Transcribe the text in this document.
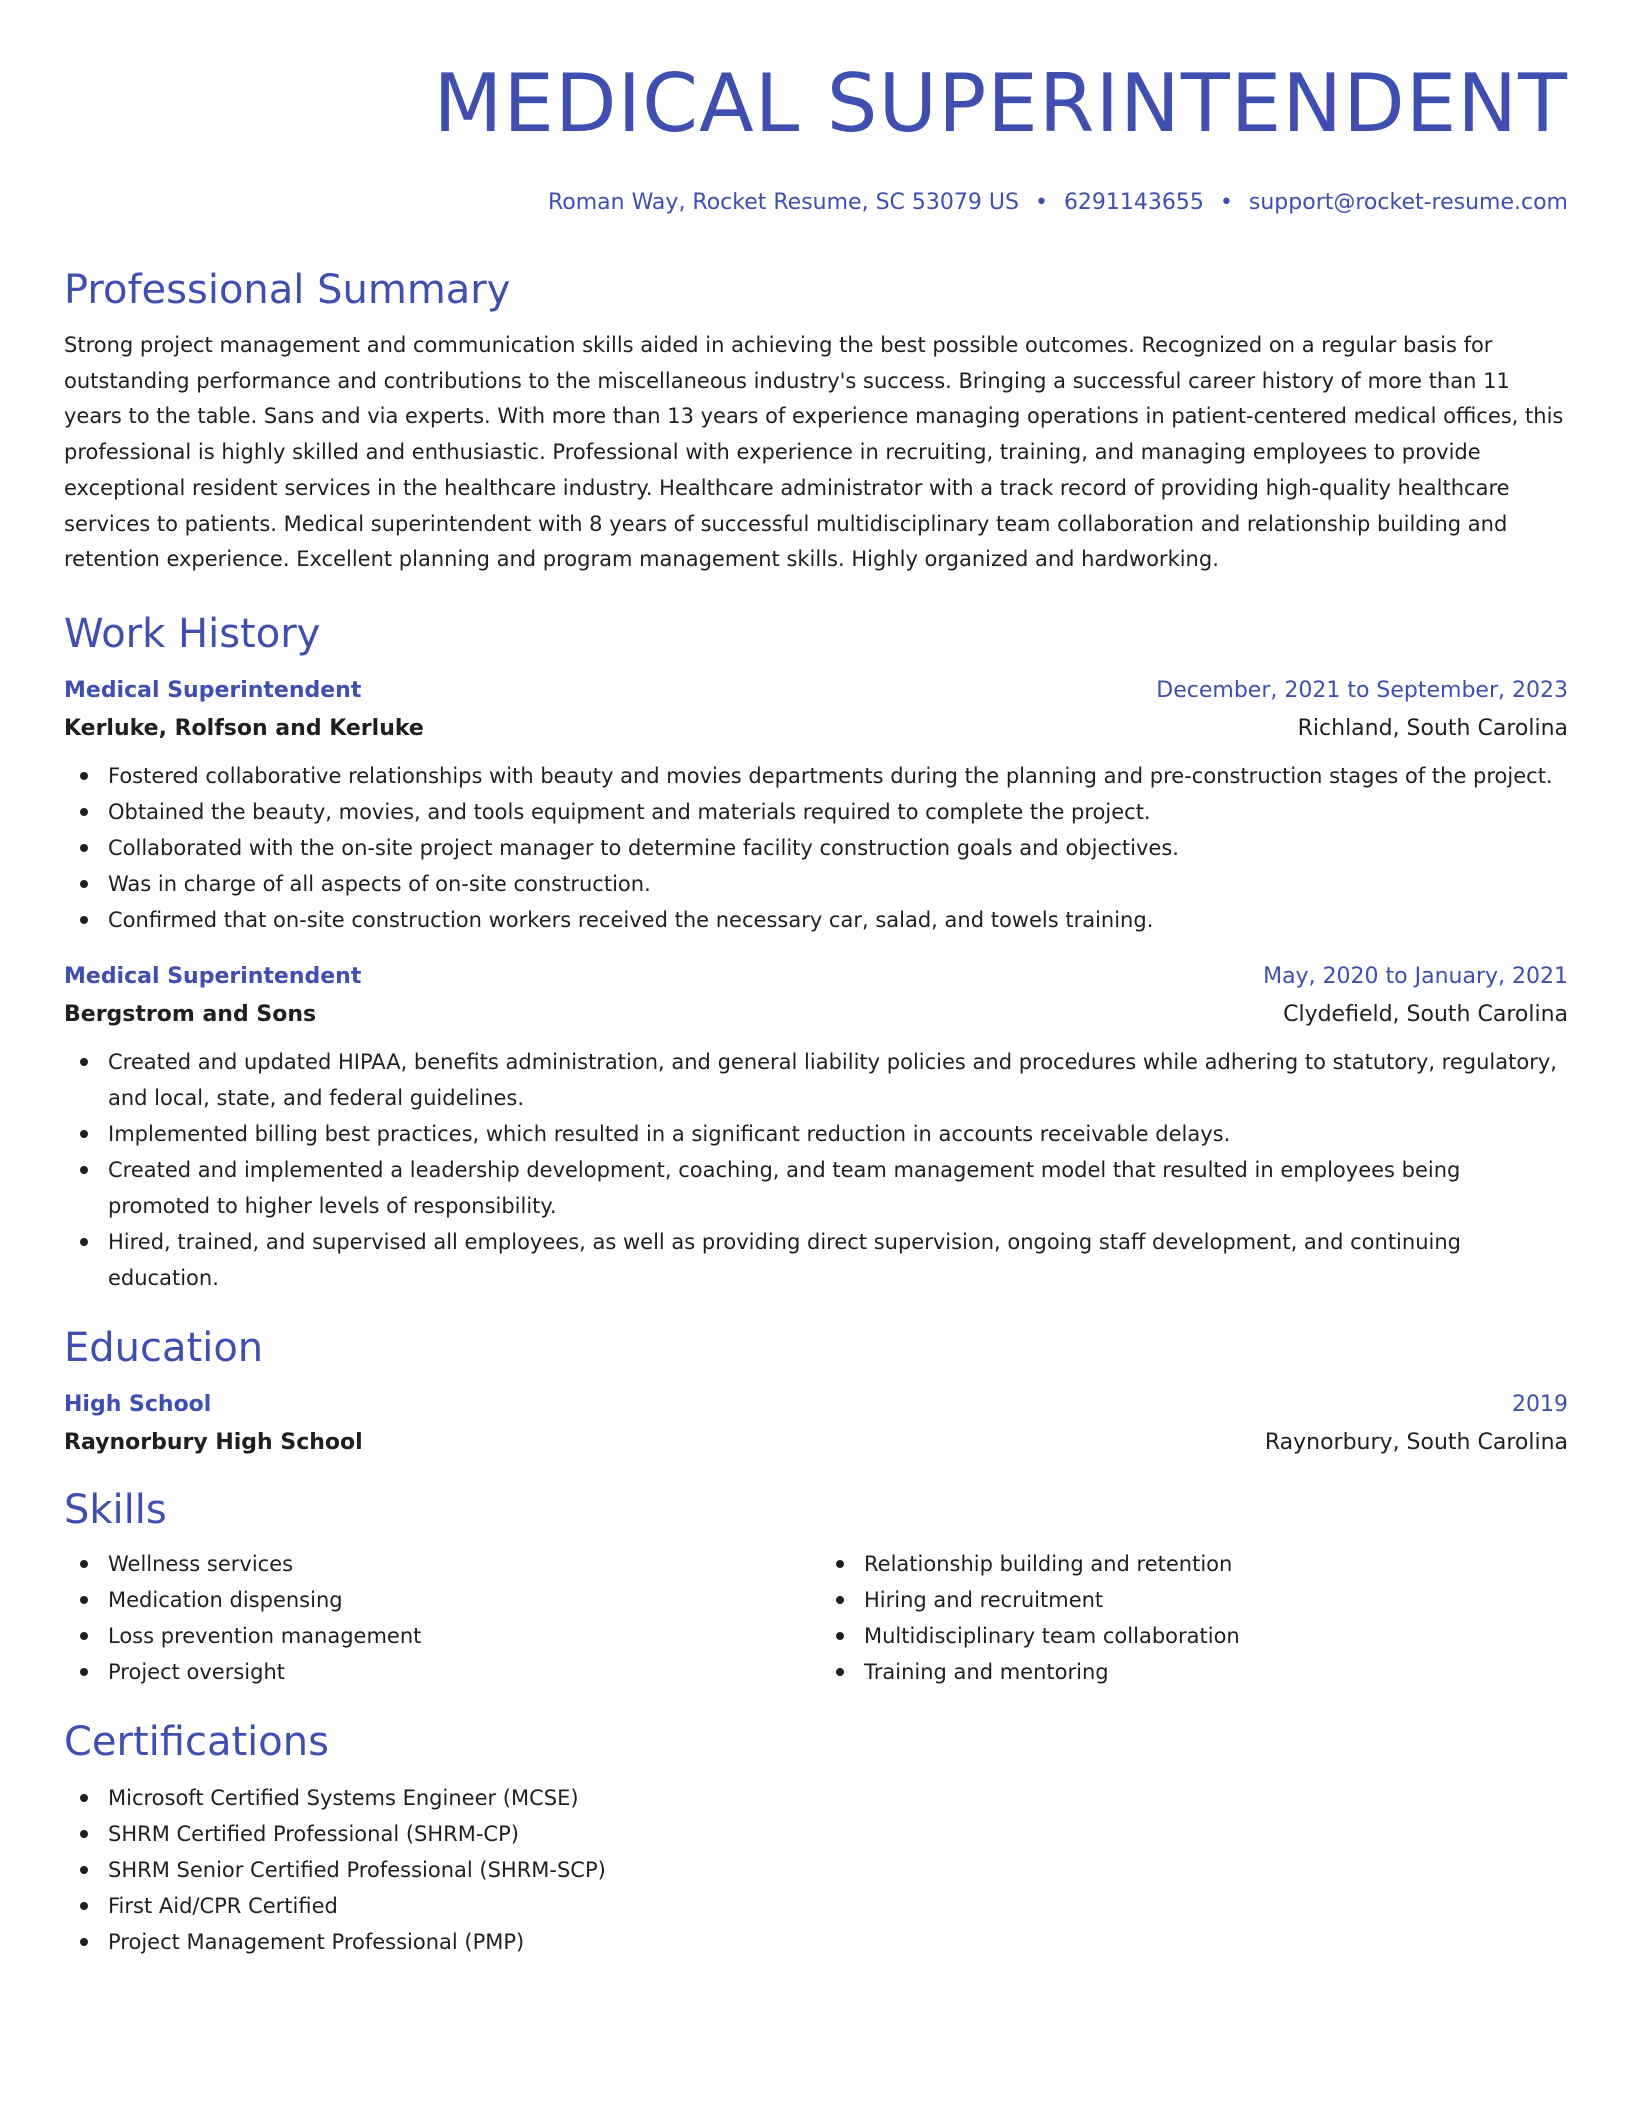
MEDICAL SUPERINTENDENT
Roman Way, Rocket Resume, SC 53079 US • 6291143655 • support@rocket-resume.com
Professional Summary

Strong project management and communication skills aided in achieving the best possible outcomes. Recognized on a regular basis for outstanding performance and contributions to the miscellaneous industry's success. Bringing a successful career history of more than 11 years to the table. Sans and via experts. With more than 13 years of experience managing operations in patient-centered medical offices, this professional is highly skilled and enthusiastic. Professional with experience in recruiting, training, and managing employees to provide exceptional resident services in the healthcare industry. Healthcare administrator with a track record of providing high-quality healthcare services to patients. Medical superintendent with 8 years of successful multidisciplinary team collaboration and relationship building and retention experience. Excellent planning and program management skills. Highly organized and hardworking.

Work History
Medical Superintendent	December, 2021 to September, 2023
Kerluke, Rolfson and Kerluke	Richland, South Carolina
Fostered collaborative relationships with beauty and movies departments during the planning and pre-construction stages of the project.
Obtained the beauty, movies, and tools equipment and materials required to complete the project.
Collaborated with the on-site project manager to determine facility construction goals and objectives.
Was in charge of all aspects of on-site construction.
Confirmed that on-site construction workers received the necessary car, salad, and towels training.
Medical Superintendent	May, 2020 to January, 2021
Bergstrom and Sons	Clydefield, South Carolina
Created and updated HIPAA, benefits administration, and general liability policies and procedures while adhering to statutory, regulatory, and local, state, and federal guidelines.
Implemented billing best practices, which resulted in a significant reduction in accounts receivable delays.
Created and implemented a leadership development, coaching, and team management model that resulted in employees being promoted to higher levels of responsibility.
Hired, trained, and supervised all employees, as well as providing direct supervision, ongoing staff development, and continuing education.
Education
High School	2019
Raynorbury High School	Raynorbury, South Carolina
Skills
Wellness services
Medication dispensing
Loss prevention management
Project oversight
Relationship building and retention
Hiring and recruitment
Multidisciplinary team collaboration
Training and mentoring
Certifications
Microsoft Certified Systems Engineer (MCSE)
SHRM Certified Professional (SHRM-CP)
SHRM Senior Certified Professional (SHRM-SCP)
First Aid/CPR Certified
Project Management Professional (PMP)
